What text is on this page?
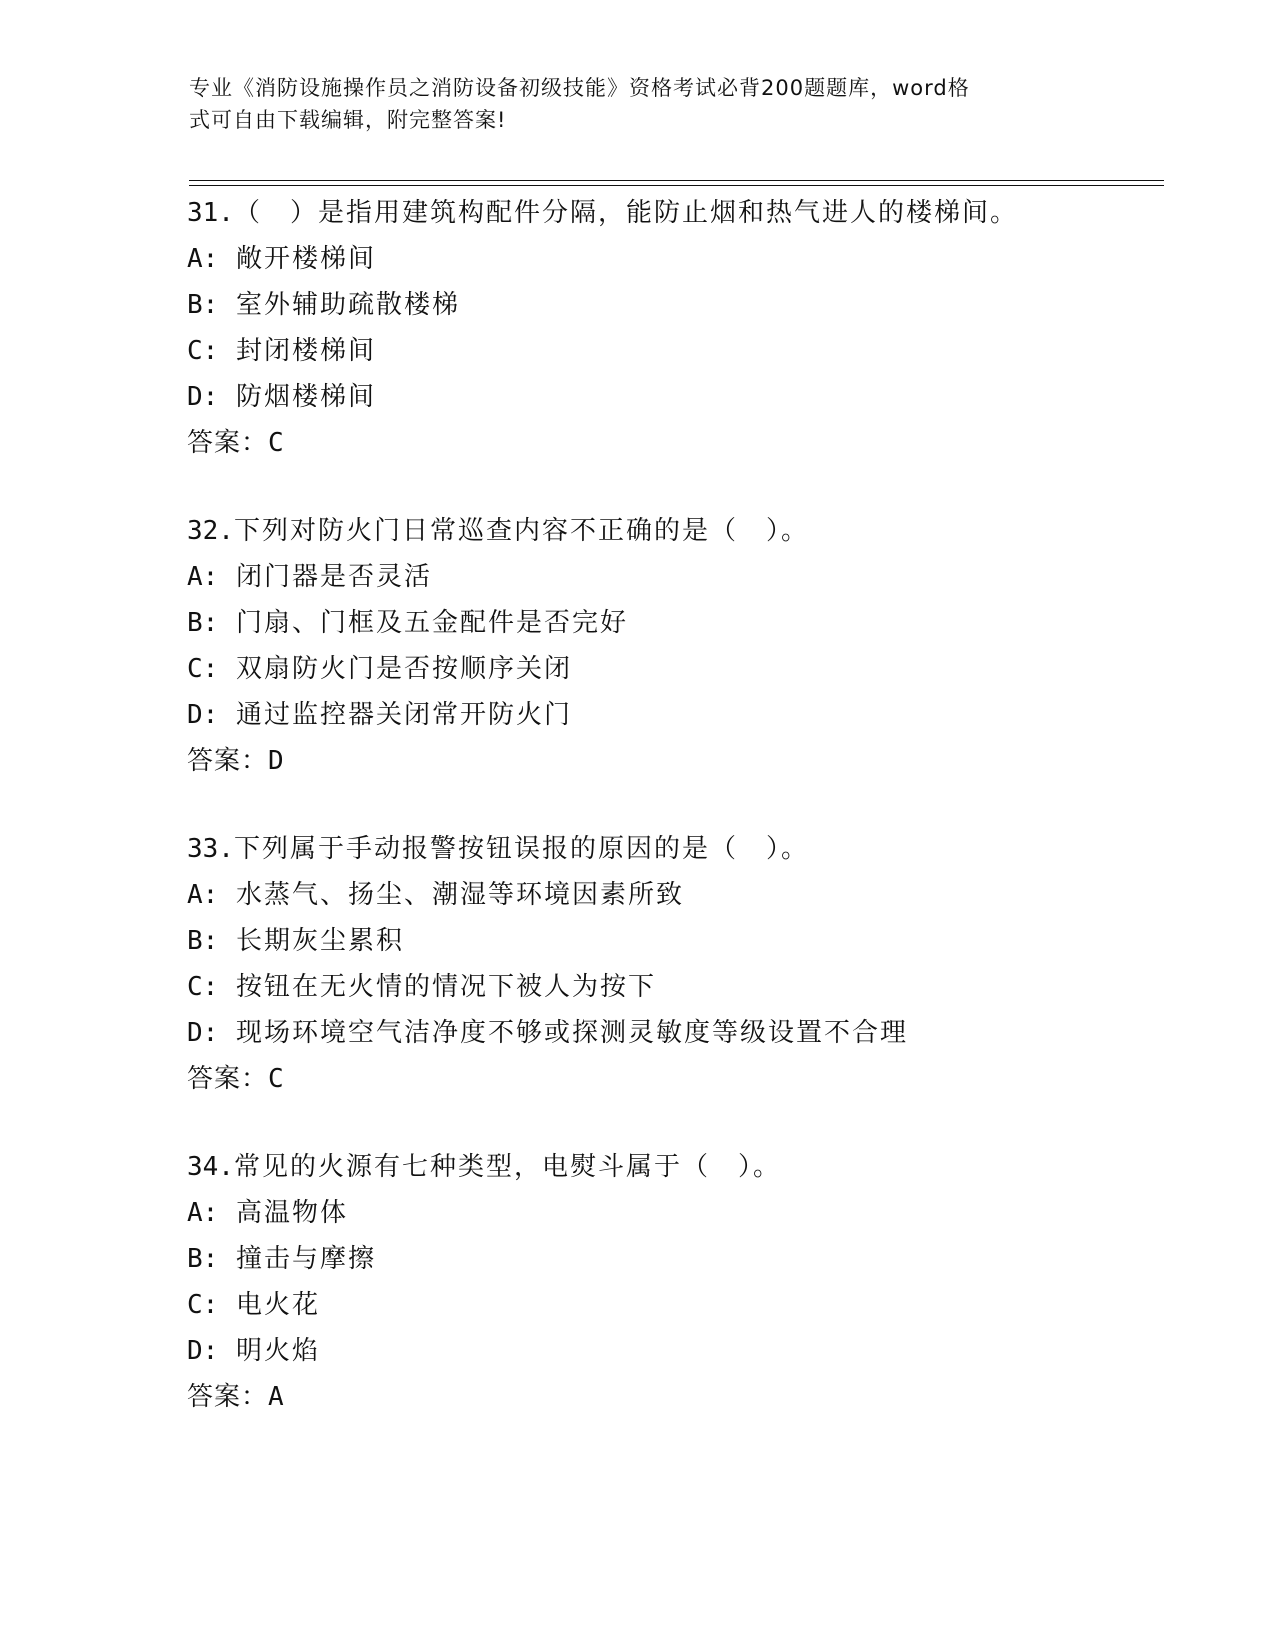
专业《消防设施操作员之消防设备初级技能》资格考试必背200题题库，word格
式可自由下载编辑，附完整答案!
31.（　）是指用建筑构配件分隔，能防止烟和热气进人的楼梯间。
A: 敞开楼梯间
B: 室外辅助疏散楼梯
C: 封闭楼梯间
D: 防烟楼梯间
答案：C
32.下列对防火门日常巡查内容不正确的是（　）。
A: 闭门器是否灵活
B: 门扇、门框及五金配件是否完好
C: 双扇防火门是否按顺序关闭
D: 通过监控器关闭常开防火门
答案：D
33.下列属于手动报警按钮误报的原因的是（　）。
A: 水蒸气、扬尘、潮湿等环境因素所致
B: 长期灰尘累积
C: 按钮在无火情的情况下被人为按下
D: 现场环境空气洁净度不够或探测灵敏度等级设置不合理
答案：C
34.常见的火源有七种类型，电熨斗属于（　）。
A: 高温物体
B: 撞击与摩擦
C: 电火花
D: 明火焰
答案：A
